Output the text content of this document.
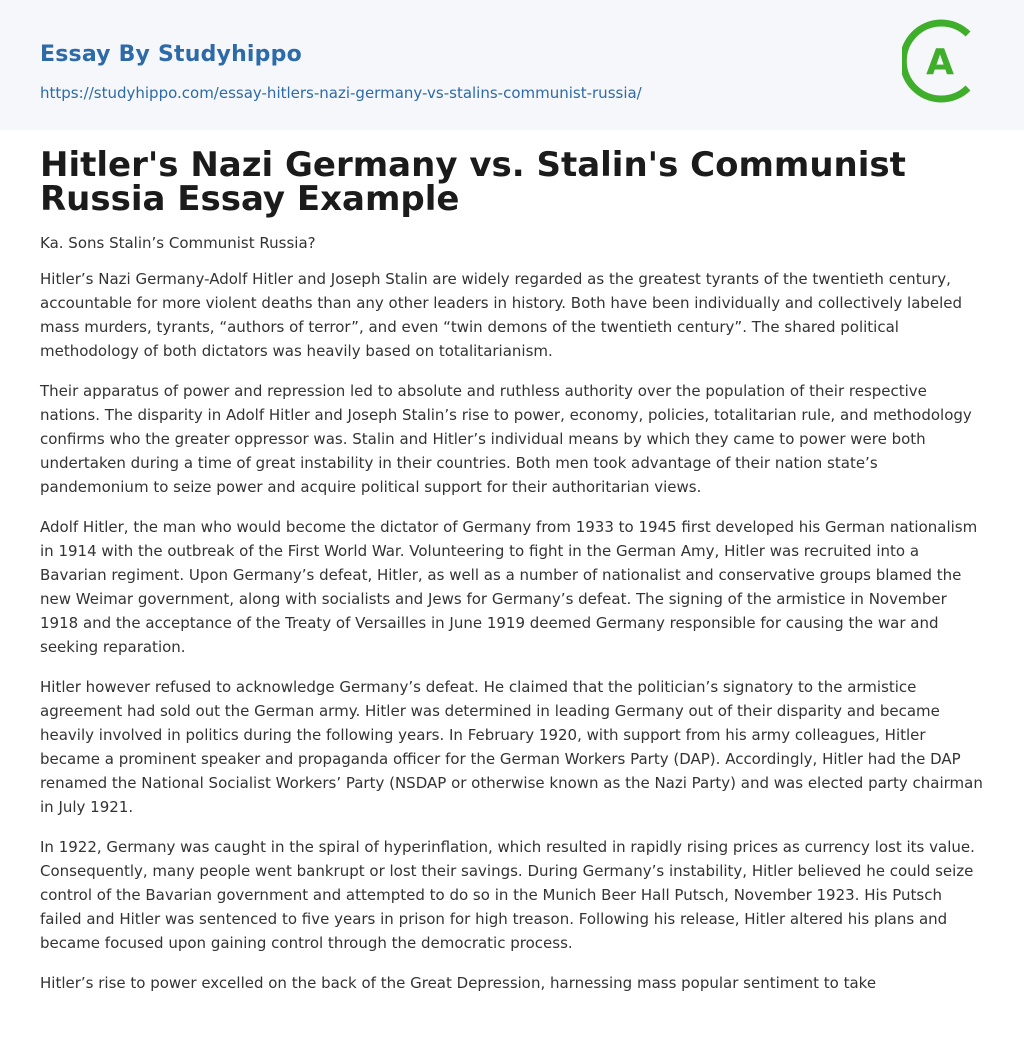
Essay By Studyhippo
https://studyhippo.com/essay-hitlers-nazi-germany-vs-stalins-communist-russia/
A
Hitler's Nazi Germany vs. Stalin's Communist Russia Essay Example

Ka. Sons Stalin’s Communist Russia?

Hitler’s Nazi Germany-Adolf Hitler and Joseph Stalin are widely regarded as the greatest tyrants of the twentieth century, accountable for more violent deaths than any other leaders in history. Both have been individually and collectively labeled mass murders, tyrants, “authors of terror”, and even “twin demons of the twentieth century”. The shared political methodology of both dictators was heavily based on totalitarianism.

Their apparatus of power and repression led to absolute and ruthless authority over the population of their respective nations. The disparity in Adolf Hitler and Joseph Stalin’s rise to power, economy, policies, totalitarian rule, and methodology confirms who the greater oppressor was. Stalin and Hitler’s individual means by which they came to power were both undertaken during a time of great instability in their countries. Both men took advantage of their nation state’s pandemonium to seize power and acquire political support for their authoritarian views.

Adolf Hitler, the man who would become the dictator of Germany from 1933 to 1945 first developed his German nationalism in 1914 with the outbreak of the First World War. Volunteering to fight in the German Amy, Hitler was recruited into a Bavarian regiment. Upon Germany’s defeat, Hitler, as well as a number of nationalist and conservative groups blamed the new Weimar government, along with socialists and Jews for Germany’s defeat. The signing of the armistice in November 1918 and the acceptance of the Treaty of Versailles in June 1919 deemed Germany responsible for causing the war and seeking reparation.

Hitler however refused to acknowledge Germany’s defeat. He claimed that the politician’s signatory to the armistice agreement had sold out the German army. Hitler was determined in leading Germany out of their disparity and became heavily involved in politics during the following years. In February 1920, with support from his army colleagues, Hitler became a prominent speaker and propaganda officer for the German Workers Party (DAP). Accordingly, Hitler had the DAP renamed the National Socialist Workers’ Party (NSDAP or otherwise known as the Nazi Party) and was elected party chairman in July 1921.

In 1922, Germany was caught in the spiral of hyperinflation, which resulted in rapidly rising prices as currency lost its value. Consequently, many people went bankrupt or lost their savings. During Germany’s instability, Hitler believed he could seize control of the Bavarian government and attempted to do so in the Munich Beer Hall Putsch, November 1923. His Putsch failed and Hitler was sentenced to five years in prison for high treason. Following his release, Hitler altered his plans and became focused upon gaining control through the democratic process.

Hitler’s rise to power excelled on the back of the Great Depression, harnessing mass popular sentiment to take
